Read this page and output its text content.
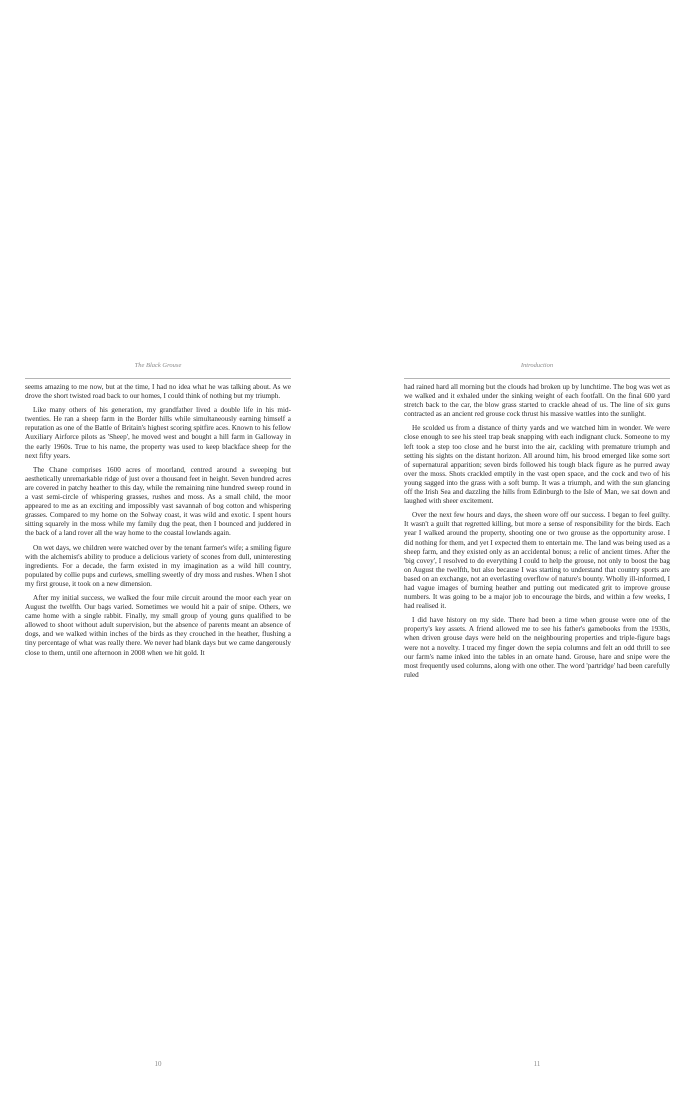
The Black Grouse

seems amazing to me now, but at the time, I had no idea what he was talking about. As we drove the short twisted road back to our homes, I could think of nothing but my triumph.

Like many others of his generation, my grandfather lived a double life in his mid-twenties. He ran a sheep farm in the Border hills while simultaneously earning himself a reputation as one of the Battle of Britain's highest scoring spitfire aces. Known to his fellow Auxiliary Airforce pilots as 'Sheep', he moved west and bought a hill farm in Galloway in the early 1960s. True to his name, the property was used to keep blackface sheep for the next fifty years.

The Chane comprises 1600 acres of moorland, centred around a sweeping but aesthetically unremarkable ridge of just over a thousand feet in height. Seven hundred acres are covered in patchy heather to this day, while the remaining nine hundred sweep round in a vast semi-circle of whispering grasses, rushes and moss. As a small child, the moor appeared to me as an exciting and impossibly vast savannah of bog cotton and whispering grasses. Compared to my home on the Solway coast, it was wild and exotic. I spent hours sitting squarely in the moss while my family dug the peat, then I bounced and juddered in the back of a land rover all the way home to the coastal lowlands again.

On wet days, we children were watched over by the tenant farmer's wife; a smiling figure with the alchemist's ability to produce a delicious variety of scones from dull, uninteresting ingredients. For a decade, the farm existed in my imagination as a wild hill country, populated by collie pups and curlews, smelling sweetly of dry moss and rushes. When I shot my first grouse, it took on a new dimension.

After my initial success, we walked the four mile circuit around the moor each year on August the twelfth. Our bags varied. Sometimes we would hit a pair of snipe. Others, we came home with a single rabbit. Finally, my small group of young guns qualified to be allowed to shoot without adult supervision, but the absence of parents meant an absence of dogs, and we walked within inches of the birds as they crouched in the heather, flushing a tiny percentage of what was really there. We never had blank days but we came dangerously close to them, until one afternoon in 2008 when we hit gold. It

10
Introduction

had rained hard all morning but the clouds had broken up by lunchtime. The bog was wet as we walked and it exhaled under the sinking weight of each footfall. On the final 600 yard stretch back to the car, the blow grass started to crackle ahead of us. The line of six guns contracted as an ancient red grouse cock thrust his massive wattles into the sunlight.

He scolded us from a distance of thirty yards and we watched him in wonder. We were close enough to see his steel trap beak snapping with each indignant cluck. Someone to my left took a step too close and he burst into the air, cackling with premature triumph and setting his sights on the distant horizon. All around him, his brood emerged like some sort of supernatural apparition; seven birds followed his tough black figure as he purred away over the moss. Shots crackled emptily in the vast open space, and the cock and two of his young sagged into the grass with a soft bump. It was a triumph, and with the sun glancing off the Irish Sea and dazzling the hills from Edinburgh to the Isle of Man, we sat down and laughed with sheer excitement.

Over the next few hours and days, the sheen wore off our success. I began to feel guilty. It wasn't a guilt that regretted killing, but more a sense of responsibility for the birds. Each year I walked around the property, shooting one or two grouse as the opportunity arose. I did nothing for them, and yet I expected them to entertain me. The land was being used as a sheep farm, and they existed only as an accidental bonus; a relic of ancient times. After the 'big covey', I resolved to do everything I could to help the grouse, not only to boost the bag on August the twelfth, but also because I was starting to understand that country sports are based on an exchange, not an everlasting overflow of nature's bounty. Wholly ill-informed, I had vague images of burning heather and putting out medicated grit to improve grouse numbers. It was going to be a major job to encourage the birds, and within a few weeks, I had realised it.

I did have history on my side. There had been a time when grouse were one of the property's key assets. A friend allowed me to see his father's gamebooks from the 1930s, when driven grouse days were held on the neighbouring properties and triple-figure bags were not a novelty. I traced my finger down the sepia columns and felt an odd thrill to see our farm's name inked into the tables in an ornate hand. Grouse, hare and snipe were the most frequently used columns, along with one other. The word 'partridge' had been carefully ruled

11
